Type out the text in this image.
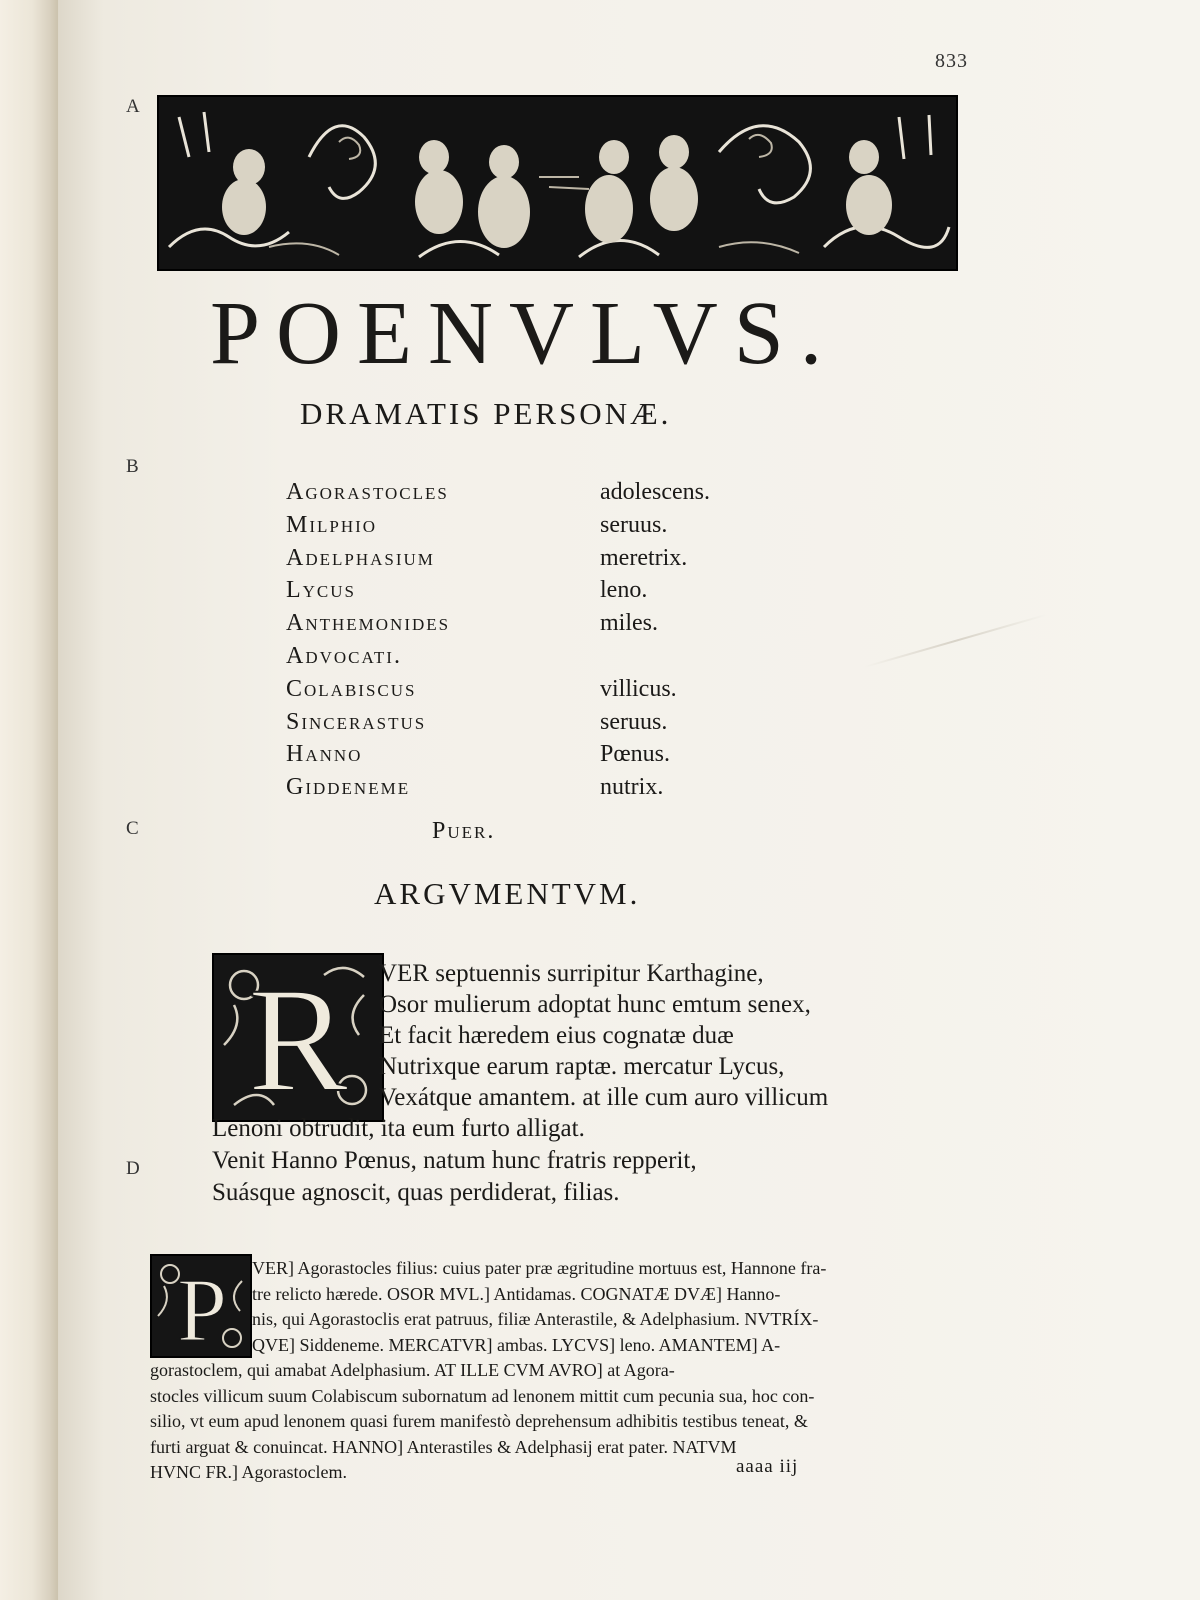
833
A
B
C
D
POENVLVS.
DRAMATIS PERSONÆ.
Agorastocles	adolescens.
Milphio	seruus.
Adelphasium	meretrix.
Lycus	leno.
Anthemonides	miles.
Advocati.
Colabiscus	villicus.
Sincerastus	seruus.
Hanno	Pœnus.
Giddeneme	nutrix.
Puer.
ARGVMENTVM.
R VER septuennis surripitur Karthagine,
Osor mulierum adoptat hunc emtum senex,
Et facit hæredem eius cognatæ duæ
Nutrixque earum raptæ. mercatur Lycus,
Vexátque amantem. at ille cum auro villicum
Lenoni obtrudit, ita eum furto alligat.
Venit Hanno Pœnus, natum hunc fratris repperit,
Suásque agnoscit, quas perdiderat, filias.
P VER] Agorastocles filius: cuius pater præ ægritudine mortuus est, Hannone fra-
tre relicto hærede. OSOR MVL.] Antidamas. COGNATÆ DVÆ] Hanno-
nis, qui Agorastoclis erat patruus, filiæ Anterastile, & Adelphasium. NVTRÍX-
QVE] Siddeneme. MERCATVR] ambas. LYCVS] leno. AMANTEM] A-
gorastoclem, qui amabat Adelphasium. AT ILLE CVM AVRO] at Agora-
stocles villicum suum Colabiscum subornatum ad lenonem mittit cum pecunia sua, hoc con-
silio, vt eum apud lenonem quasi furem manifestò deprehensum adhibitis testibus teneat, &
furti arguat & conuincat. HANNO] Anterastiles & Adelphasij erat pater. NATVM
HVNC FR.] Agorastoclem.	aaaa iij
